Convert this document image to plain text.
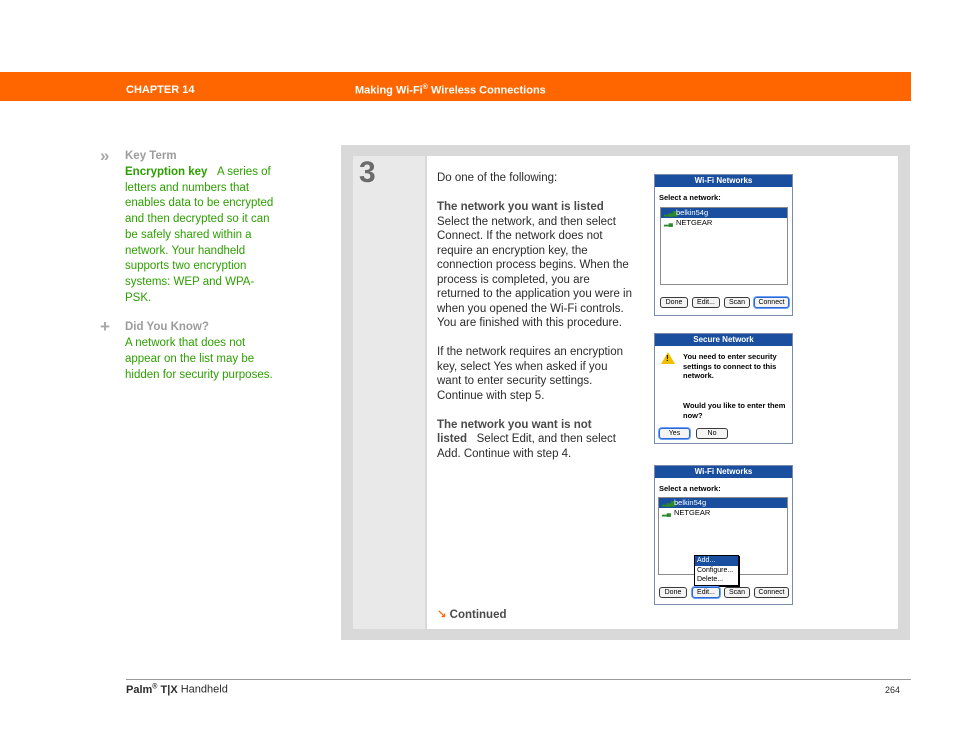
CHAPTER 14	Making Wi-Fi® Wireless Connections
» Key Term
Encryption key A series of letters and numbers that enables data to be encrypted and then decrypted so it can be safely shared within a network. Your handheld supports two encryption systems: WEP and WPA-PSK.
+ Did You Know?
A network that does not appear on the list may be hidden for security purposes.
3	Do one of the following:

The network you want is listed
Select the network, and then select Connect. If the network does not require an encryption key, the connection process begins. When the process is completed, you are returned to the application you were in when you opened the Wi-Fi controls. You are finished with this procedure.

If the network requires an encryption key, select Yes when asked if you want to enter security settings. Continue with step 5.

The network you want is not listed Select Edit, and then select Add. Continue with step 4.

↘ Continued
Wi-Fi Networks
Select a network:
▂▄▆belkin54g
▂▄ NETGEAR
Done	Edit...	Scan	Connect
Secure Network
! You need to enter security settings to connect to this network.
Would you like to enter them now?
Yes	No
Wi-Fi Networks
Select a network:
▂▄▆belkin54g
▂▄ NETGEAR
Add...
Configure...
Delete...
Done	Edit...	Scan	Connect
Palm® T|X Handheld	264
